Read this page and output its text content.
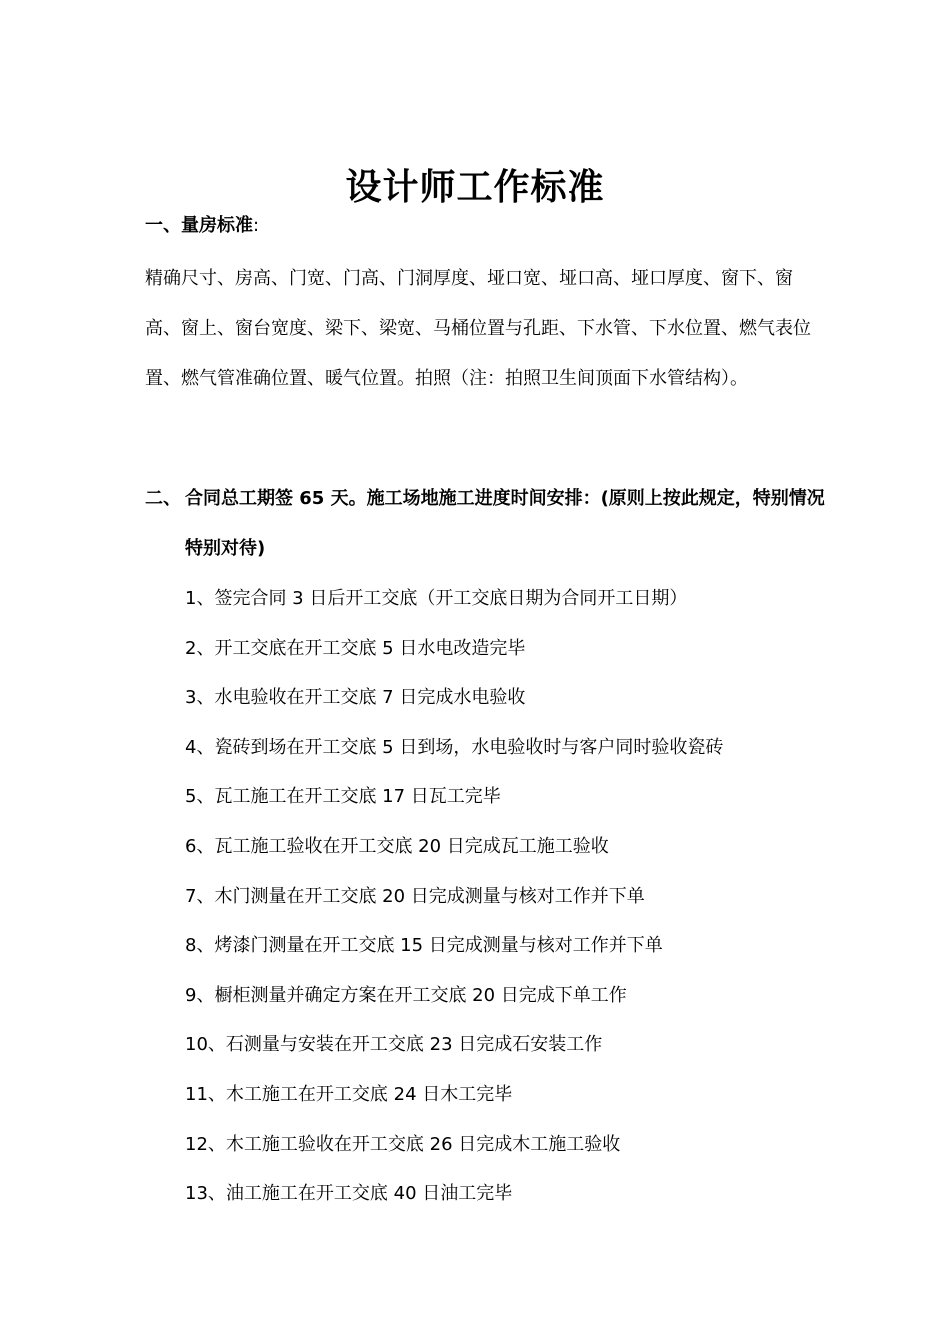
设计师工作标准
一、量房标准:
精确尺寸、房高、门宽、门高、门洞厚度、垭口宽、垭口高、垭口厚度、窗下、窗高、窗上、窗台宽度、梁下、梁宽、马桶位置与孔距、下水管、下水位置、燃气表位置、燃气管准确位置、暖气位置。拍照（注：拍照卫生间顶面下水管结构）。
二、 合同总工期签 65 天。施工场地施工进度时间安排：(原则上按此规定，特别情况特别对待)
1、签完合同 3 日后开工交底（开工交底日期为合同开工日期）
2、开工交底在开工交底 5 日水电改造完毕
3、水电验收在开工交底 7 日完成水电验收
4、瓷砖到场在开工交底 5 日到场，水电验收时与客户同时验收瓷砖
5、瓦工施工在开工交底 17 日瓦工完毕
6、瓦工施工验收在开工交底 20 日完成瓦工施工验收
7、木门测量在开工交底 20 日完成测量与核对工作并下单
8、烤漆门测量在开工交底 15 日完成测量与核对工作并下单
9、橱柜测量并确定方案在开工交底 20 日完成下单工作
10、石测量与安装在开工交底 23 日完成石安装工作
11、木工施工在开工交底 24 日木工完毕
12、木工施工验收在开工交底 26 日完成木工施工验收
13、油工施工在开工交底 40 日油工完毕
